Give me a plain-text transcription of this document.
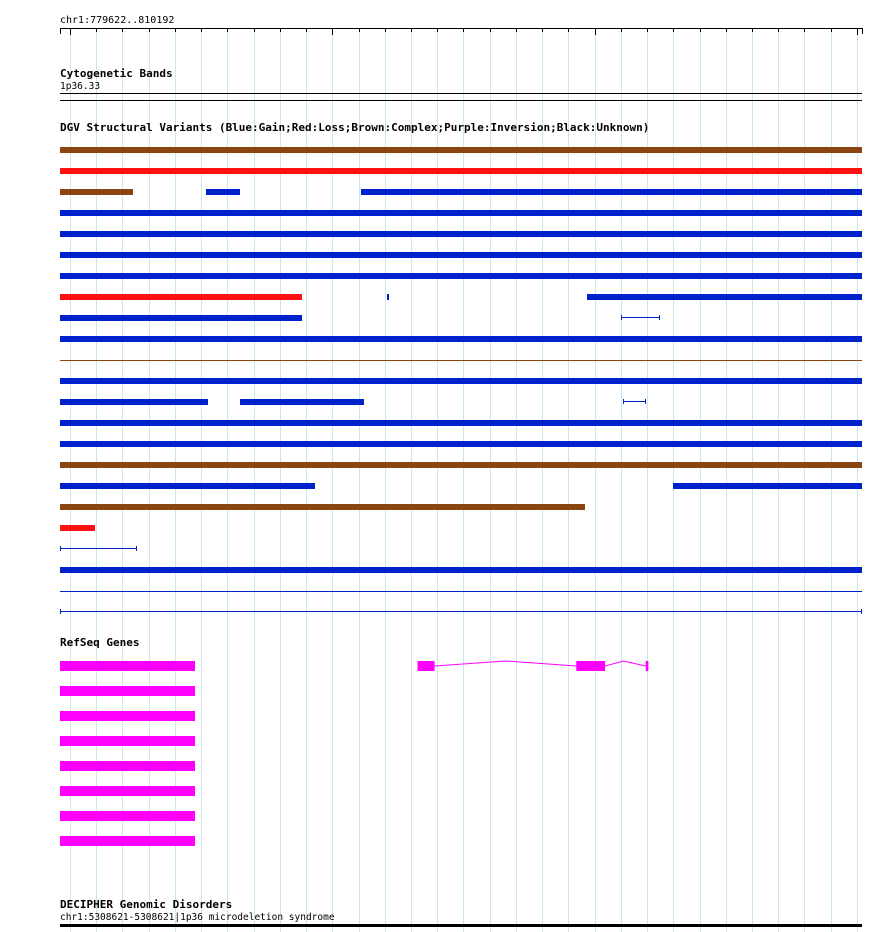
chr1:779622..810192
Cytogenetic Bands
1p36.33
DGV Structural Variants (Blue:Gain;Red:Loss;Brown:Complex;Purple:Inversion;Black:Unknown)
RefSeq Genes
DECIPHER Genomic Disorders
chr1:5308621-5308621|1p36 microdeletion syndrome
